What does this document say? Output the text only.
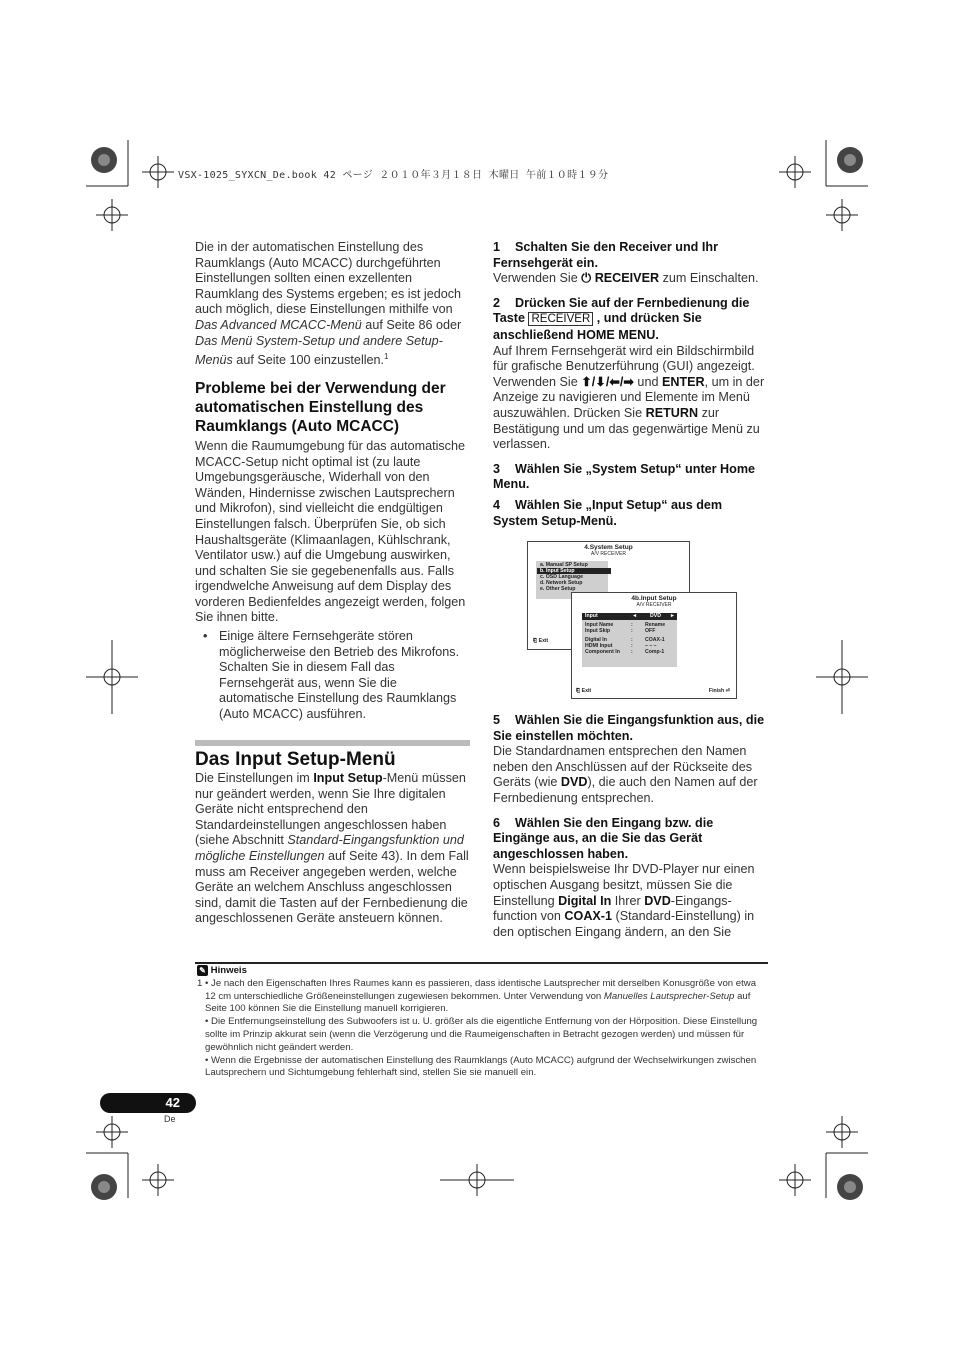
VSX-1025_SYXCN_De.book 42 ページ ２０１０年３月１８日 木曜日 午前１０時１９分

Die in der automatischen Einstellung des Raumklangs (Auto MCACC) durchgeführten Einstellungen sollten einen exzellenten Raumklang des Systems ergeben; es ist jedoch auch möglich, diese Einstellungen mithilfe von Das Advanced MCACC-Menü auf Seite 86 oder Das Menü System-Setup und andere Setup-Menüs auf Seite 100 einzustellen.$^1$

Probleme bei der Verwendung der automatischen Einstellung des Raumklangs (Auto MCACC)

Wenn die Raumumgebung für das automatische MCACC-Setup nicht optimal ist (zu laute Umgebungsgeräusche, Widerhall von den Wänden, Hindernisse zwischen Lautsprechern und Mikrofon), sind vielleicht die endgültigen Einstellungen falsch. Überprüfen Sie, ob sich Haushaltsgeräte (Klimaanlagen, Kühlschrank, Ventilator usw.) auf die Umgebung auswirken, und schalten Sie sie gegebenenfalls aus. Falls irgendwelche Anweisung auf dem Display des vorderen Bedienfeldes angezeigt werden, folgen Sie ihnen bitte.

• Einige ältere Fernsehgeräte stören möglicherweise den Betrieb des Mikrofons. Schalten Sie in diesem Fall das Fernsehgerät aus, wenn Sie die automatische Einstellung des Raumklangs (Auto MCACC) ausführen.
Das Input Setup-Menü
Die Einstellungen im Input Setup-Menü müssen nur geändert werden, wenn Sie Ihre digitalen Geräte nicht entsprechend den Standardeinstellungen angeschlossen haben (siehe Abschnitt Standard-Eingangsfunktion und mögliche Einstellungen auf Seite 43). In dem Fall muss am Receiver angegeben werden, welche Geräte an welchem Anschluss angeschlossen sind, damit die Tasten auf der Fernbedienung die angeschlossenen Geräte ansteuern können.

1 Schalten Sie den Receiver und Ihr Fernsehgerät ein.

Verwenden Sie ⏻ RECEIVER zum Einschalten.

2 Drücken Sie auf der Fernbedienung die Taste RECEIVER , und drücken Sie anschließend HOME MENU.

Auf Ihrem Fernsehgerät wird ein Bildschirmbild für grafische Benutzerführung (GUI) angezeigt. Verwenden Sie ⬆/⬇/⬅/➡ und ENTER, um in der Anzeige zu navigieren und Elemente im Menü auszuwählen. Drücken Sie RETURN zur Bestätigung und um das gegenwärtige Menü zu verlassen.

3 Wählen Sie „System Setup“ unter Home Menu.

4 Wählen Sie „Input Setup“ aus dem System Setup-Menü.

4.System Setup
A/V RECEIVER
a. Manual SP Setup
b. Input Setup
c. OSD Language
d. Network Setup
e. Other Setup
⎗ Exit
4b.Input Setup
A/V RECEIVER
Input	◄ DVD ►
Input Name	: Rename
Input Skip	: OFF
Digital In	: COAX-1
HDMI Input	: – – –
Component In : Comp-1
⎗ Exit	Finish ⏎

5 Wählen Sie die Eingangsfunktion aus, die Sie einstellen möchten.

Die Standardnamen entsprechen den Namen neben den Anschlüssen auf der Rückseite des Geräts (wie DVD), die auch den Namen auf der Fernbedienung entsprechen.

6 Wählen Sie den Eingang bzw. die Eingänge aus, an die Sie das Gerät angeschlossen haben.

Wenn beispielsweise Ihr DVD-Player nur einen optischen Ausgang besitzt, müssen Sie die Einstellung Digital In Ihrer DVD-Eingangs-function von COAX-1 (Standard-Einstellung) in den optischen Eingang ändern, an den Sie

✎ Hinweis
1 • Je nach den Eigenschaften Ihres Raumes kann es passieren, dass identische Lautsprecher mit derselben Konusgröße von etwa 12 cm unterschiedliche Größeneinstellungen zugewiesen bekommen. Unter Verwendung von Manuelles Lautsprecher-Setup auf Seite 100 können Sie die Einstellung manuell korrigieren.

• Die Entfernungseinstellung des Subwoofers ist u. U. größer als die eigentliche Entfernung von der Hörposition. Diese Einstellung sollte im Prinzip akkurat sein (wenn die Verzögerung und die Raumeigenschaften in Betracht gezogen werden) und müssen für gewöhnlich nicht geändert werden.

• Wenn die Ergebnisse der automatischen Einstellung des Raumklangs (Auto MCACC) aufgrund der Wechselwirkungen zwischen Lautsprechern und Sichtumgebung fehlerhaft sind, stellen Sie sie manuell ein.

42
De
